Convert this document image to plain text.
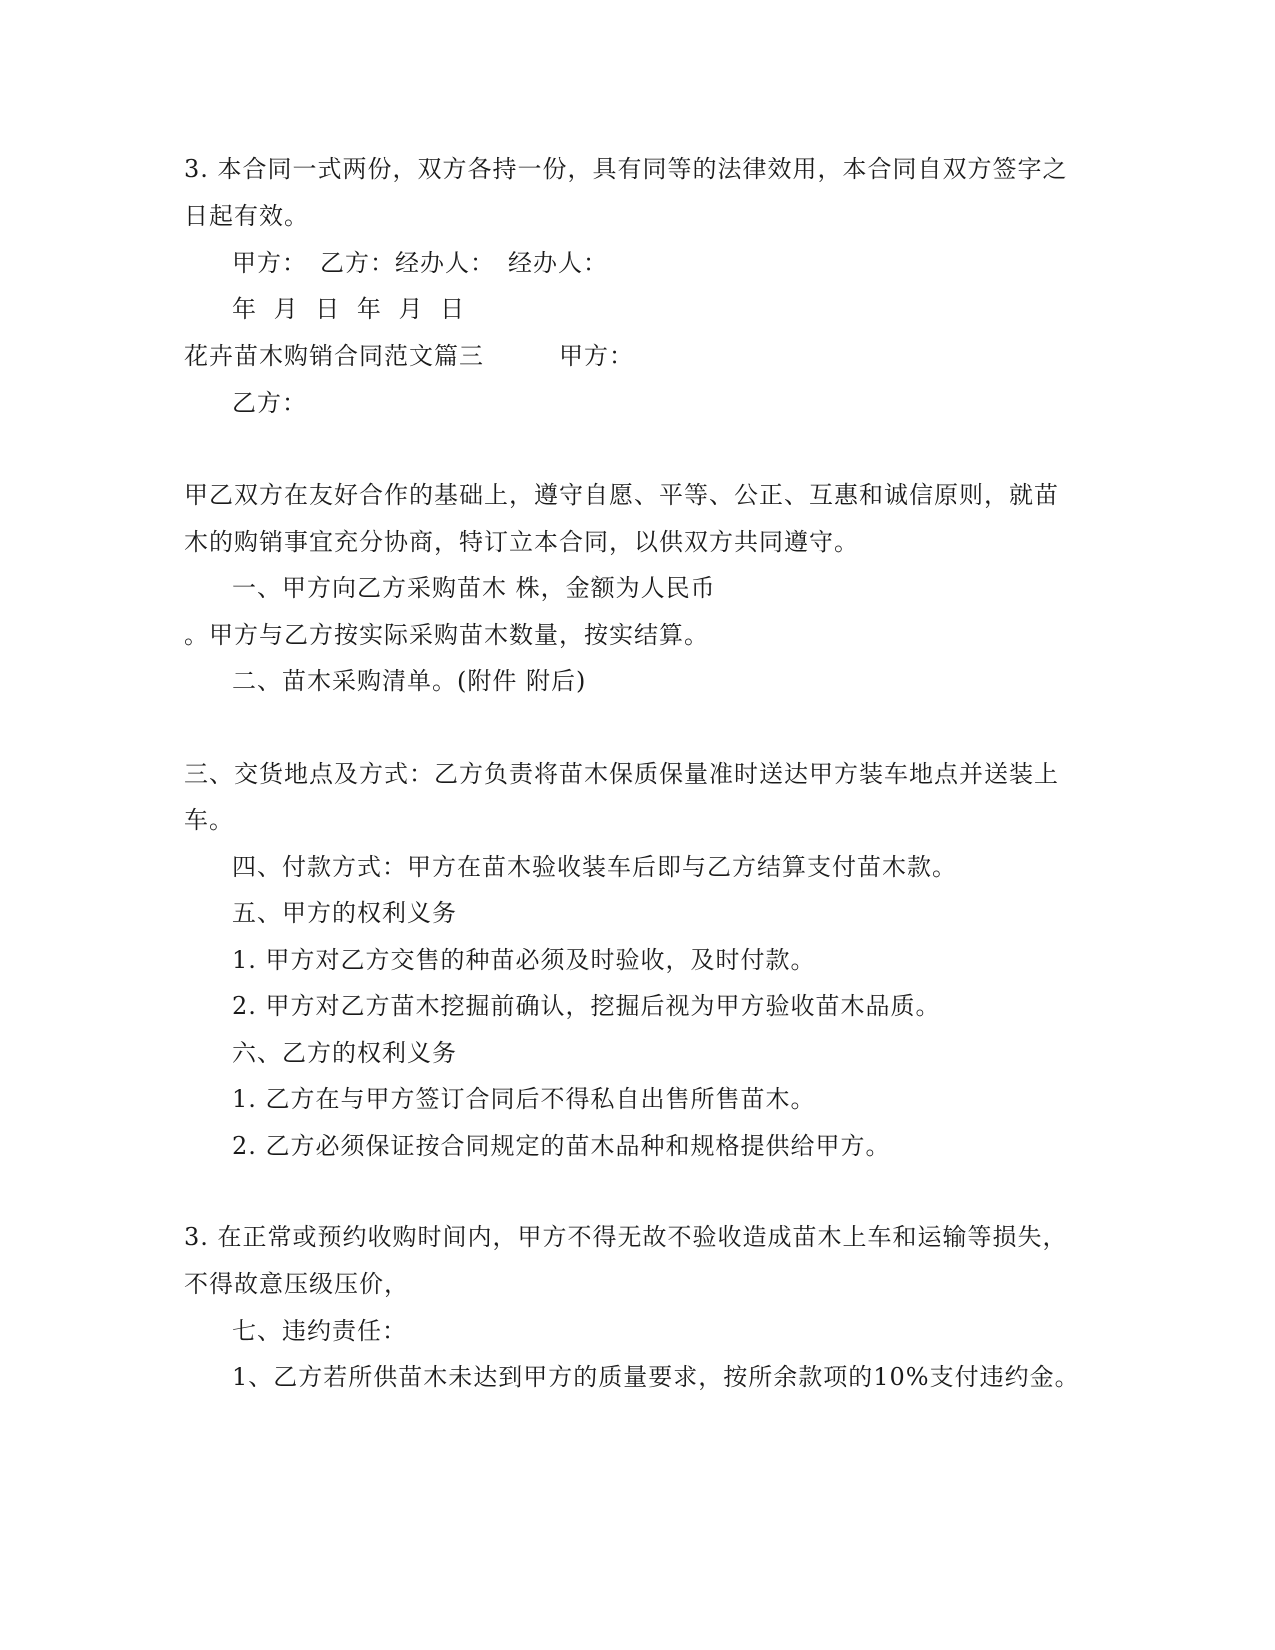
3. 本合同一式两份，双方各持一份，具有同等的法律效用，本合同自双方签字之
日起有效。
甲方：　乙方：经办人：　经办人：
年 月 日 年 月 日
花卉苗木购销合同范文篇三　　　甲方：
乙方：
甲乙双方在友好合作的基础上，遵守自愿、平等、公正、互惠和诚信原则，就苗
木的购销事宜充分协商，特订立本合同，以供双方共同遵守。
一、甲方向乙方采购苗木 株，金额为人民币
。甲方与乙方按实际采购苗木数量，按实结算。
二、苗木采购清单。(附件 附后)
三、交货地点及方式：乙方负责将苗木保质保量准时送达甲方装车地点并送装上
车。
四、付款方式：甲方在苗木验收装车后即与乙方结算支付苗木款。
五、甲方的权利义务
1. 甲方对乙方交售的种苗必须及时验收，及时付款。
2. 甲方对乙方苗木挖掘前确认，挖掘后视为甲方验收苗木品质。
六、乙方的权利义务
1. 乙方在与甲方签订合同后不得私自出售所售苗木。
2. 乙方必须保证按合同规定的苗木品种和规格提供给甲方。
3. 在正常或预约收购时间内，甲方不得无故不验收造成苗木上车和运输等损失，
不得故意压级压价，
七、违约责任：
1、乙方若所供苗木未达到甲方的质量要求，按所余款项的10%支付违约金。
